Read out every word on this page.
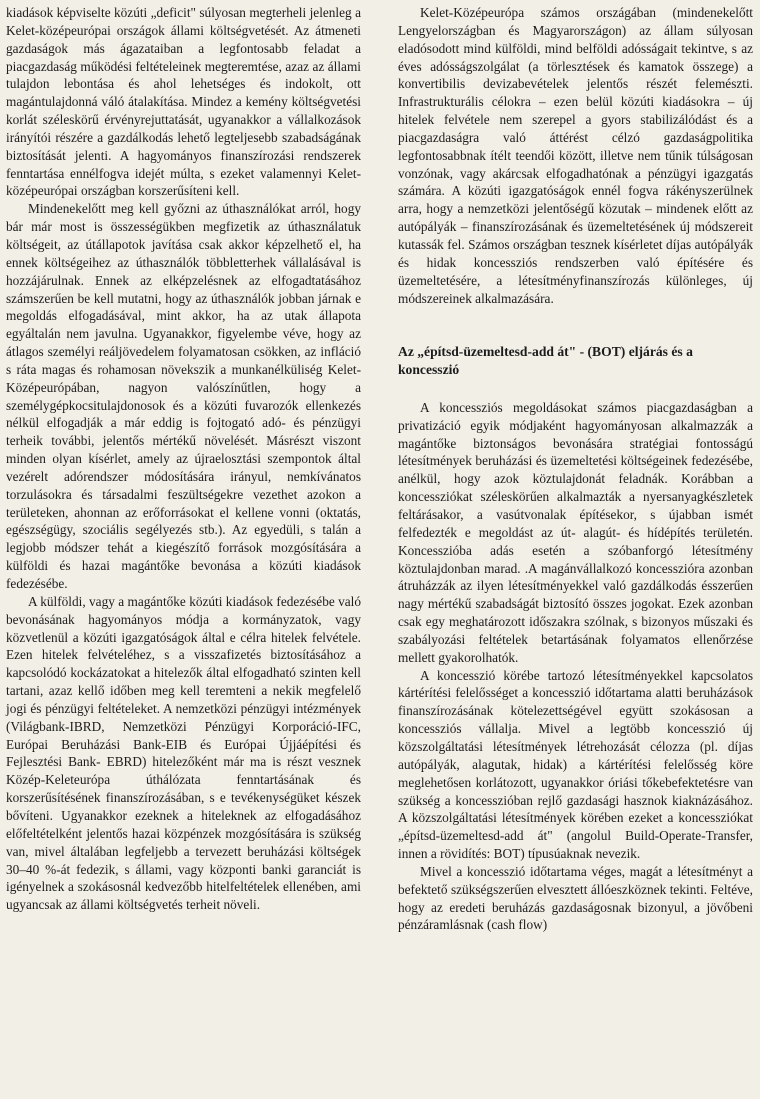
kiadások képviselte közúti „deficit" súlyosan megterheli jelenleg a Kelet-középeurópai országok állami költségvetését. Az átmeneti gazdaságok más ágazataiban a legfontosabb feladat a piacgazdaság működési feltételeinek megteremtése, azaz az állami tulajdon lebontása és ahol lehetséges és indokolt, ott magántulajdonná váló átalakítása. Mindez a kemény költségvetési korlát széleskörű érvényrejuttatását, ugyanakkor a vállalkozások irányítói részére a gazdálkodás lehető legteljesebb szabadságának biztosítását jelenti. A hagyományos finanszírozási rendszerek fenntartása ennélfogva idejét múlta, s ezeket valamennyi Kelet-középeurópai országban korszerűsíteni kell.

Mindenekelőtt meg kell győzni az úthasználókat arról, hogy bár már most is összességükben megfizetik az úthasználatuk költségeit, az útállapotok javítása csak akkor képzelhető el, ha ennek költségeihez az úthasználók többletterhek vállalásával is hozzájárulnak. Ennek az elképzelésnek az elfogadtatásához számszerűen be kell mutatni, hogy az úthasználók jobban járnak e megoldás elfogadásával, mint akkor, ha az utak állapota egyáltalán nem javulna. Ugyanakkor, figyelembe véve, hogy az átlagos személyi reáljövedelem folyamatosan csökken, az infláció s ráta magas és rohamosan növekszik a munkanélküliség Kelet-Középeurópában, nagyon valószínűtlen, hogy a személygépkocsitulajdonosok és a közúti fuvarozók ellenkezés nélkül elfogadják a már eddig is fojtogató adó- és pénzügyi terheik további, jelentős mértékű növelését. Másrészt viszont minden olyan kísérlet, amely az újraelosztási szempontok által vezérelt adórendszer módosítására irányul, nemkívánatos torzulásokra és társadalmi feszültségekre vezethet azokon a területeken, ahonnan az erőforrásokat el kellene vonni (oktatás, egészségügy, szociális segélyezés stb.). Az egyedüli, s talán a legjobb módszer tehát a kiegészítő források mozgósítására a külföldi és hazai magántőke bevonása a közúti kiadások fedezésébe.

A külföldi, vagy a magántőke közúti kiadások fedezésébe való bevonásának hagyományos módja a kormányzatok, vagy közvetlenül a közúti igazgatóságok által e célra hitelek felvétele. Ezen hitelek felvételéhez, s a visszafizetés biztosításához a kapcsolódó kockázatokat a hitelezők által elfogadható szinten kell tartani, azaz kellő időben meg kell teremteni a nekik megfelelő jogi és pénzügyi feltételeket. A nemzetközi pénzügyi intézmények (Világbank-IBRD, Nemzetközi Pénzügyi Korporáció-IFC, Európai Beruházási Bank-EIB és Európai Újjáépítési és Fejlesztési Bank- EBRD) hitelezőként már ma is részt vesznek Közép-Keleteurópa úthálózata fenntartásának és korszerűsítésének finanszírozásában, s e tevékenységüket készek bővíteni. Ugyanakkor ezeknek a hiteleknek az elfogadásához előfeltételként jelentős hazai közpénzek mozgósítására is szükség van, mivel általában legfeljebb a tervezett beruházási költségek 30–40 %-át fedezik, s állami, vagy központi banki garanciát is igényelnek a szokásosnál kedvezőbb hitelfeltételek ellenében, ami ugyancsak az állami költségvetés terheit növeli.

Kelet-Középeurópa számos országában (mindenekelőtt Lengyelországban és Magyarországon) az állam súlyosan eladósodott mind külföldi, mind belföldi adósságait tekintve, s az éves adósságszolgálat (a törlesztések és kamatok összege) a konvertibilis devizabevételek jelentős részét felemészti. Infrastrukturális célokra – ezen belül közúti kiadásokra – új hitelek felvétele nem szerepel a gyors stabilizálódást és a piacgazdaságra való áttérést célzó gazdaságpolitika legfontosabbnak ítélt teendői között, illetve nem tűnik túlságosan vonzónak, vagy akárcsak elfogadhatónak a pénzügyi igazgatás számára. A közúti igazgatóságok ennél fogva rákényszerülnek arra, hogy a nemzetközi jelentőségű közutak – mindenek előtt az autópályák – finanszírozásának és üzemeltetésének új módszereit kutassák fel. Számos országban tesznek kísérletet díjas autópályák és hidak koncessziós rendszerben való építésére és üzemeltetésére, a létesítményfinanszírozás különleges, új módszereinek alkalmazására.

Az „építsd-üzemeltesd-add át" - (BOT) eljárás és a koncesszió

A koncessziós megoldásokat számos piacgazdaságban a privatizáció egyik módjaként hagyományosan alkalmazzák a magántőke biztonságos bevonására stratégiai fontosságú létesítmények beruházási és üzemeltetési költségeinek fedezésébe, anélkül, hogy azok köztulajdonát feladnák. Korábban a koncessziókat széleskörűen alkalmazták a nyersanyagkészletek feltárásakor, a vasútvonalak építésekor, s újabban ismét felfedezték e megoldást az út- alagút- és hídépítés területén. Koncesszióba adás esetén a szóbanforgó létesítmény köztulajdonban marad. .A magánvállalkozó koncesszióra azonban átruházzák az ilyen létesítményekkel való gazdálkodás ésszerűen nagy mértékű szabadságát biztosító összes jogokat. Ezek azonban csak egy meghatározott időszakra szólnak, s bizonyos műszaki és szabályozási feltételek betartásának folyamatos ellenőrzése mellett gyakorolhatók.

A koncesszió körébe tartozó létesítményekkel kapcsolatos kártérítési felelősséget a koncesszió időtartama alatti beruházások finanszírozásának kötelezettségével együtt szokásosan a koncessziós vállalja. Mivel a legtöbb koncesszió új közszolgáltatási létesítmények létrehozását célozza (pl. díjas autópályák, alagutak, hidak) a kártérítési felelősség köre meglehetősen korlátozott, ugyanakkor óriási tőkebefektetésre van szükség a koncesszióban rejlő gazdasági hasznok kiaknázásához. A közszolgáltatási létesítmények körében ezeket a koncessziókat „építsd-üzemeltesd-add át" (angolul Build-Operate-Transfer, innen a rövidítés: BOT) típusúaknak nevezik.

Mivel a koncesszió időtartama véges, magát a létesítményt a befektető szükségszerűen elvesztett állóeszköznek tekinti. Feltéve, hogy az eredeti beruházás gazdaságosnak bizonyul, a jövőbeni pénzáramlásnak (cash flow)
